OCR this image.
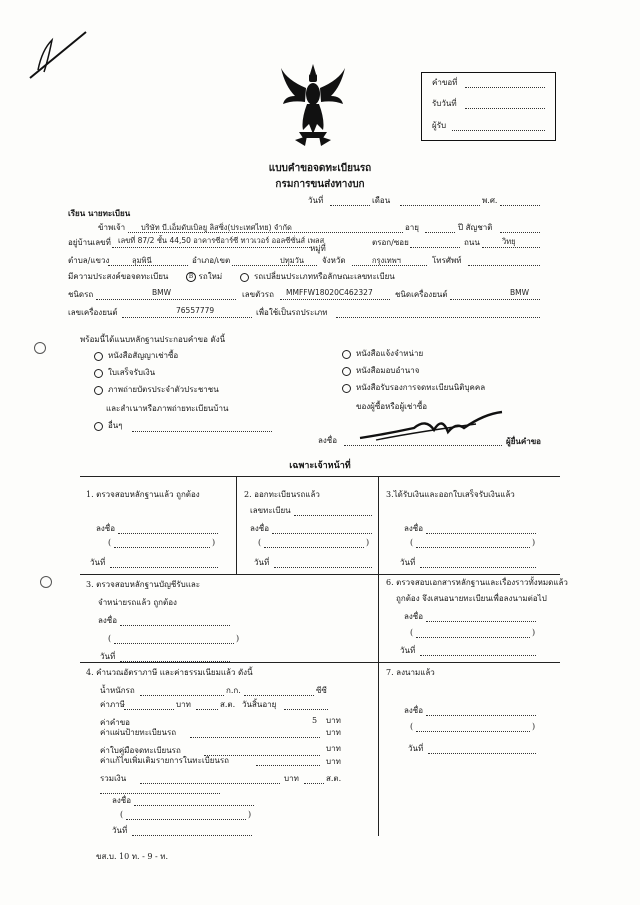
คำขอที่
รับวันที่
ผู้รับ
แบบคำขอจดทะเบียนรถ
กรมการขนส่งทางบก
วันที่	เดือน	พ.ศ.
เรียน นายทะเบียน
ข้าพเจ้า บริษัท บี.เอ็มดับเบิลยู ลิสซิ่ง(ประเทศไทย) จำกัด	อายุ	ปี สัญชาติ
อยู่บ้านเลขที่ เลขที่ 87/2 ชั้น 44,50 อาคารซีอาร์ซี ทาวเวอร์ ออลซีซั่นส์ เพลส
หมู่ที่
ตรอก/ซอย	ถนน	วิทยุ
ตำบล/แขวง	ลุมพินี	อำเภอ/เขต	ปทุมวัน จังหวัด	กรุงเทพฯ	โทรศัพท์
มีความประสงค์ขอจดทะเบียน	B รถใหม่	รถเปลี่ยนประเภทหรือลักษณะเลขทะเบียน
ชนิดรถ	BMW	เลขตัวรถ MMFFW18020C462327	ชนิดเครื่องยนต์	BMW
เลขเครื่องยนต์	76557779	เพื่อใช้เป็นรถประเภท
พร้อมนี้ได้แนบหลักฐานประกอบคำขอ ดังนี้
หนังสือสัญญาเช่าซื้อ
ใบเสร็จรับเงิน
ภาพถ่ายบัตรประจำตัวประชาชน
และสำเนาหรือภาพถ่ายทะเบียนบ้าน
อื่นๆ
หนังสือแจ้งจำหน่าย
หนังสือมอบอำนาจ
หนังสือรับรองการจดทะเบียนนิติบุคคล
ของผู้ซื้อหรือผู้เช่าซื้อ
ลงชื่อ	ผู้ยื่นคำขอ
เฉพาะเจ้าหน้าที่
1. ตรวจสอบหลักฐานแล้ว ถูกต้อง
ลงชื่อ
(	)
วันที่
2. ออกทะเบียนรถแล้ว
เลขทะเบียน
ลงชื่อ
(	)
วันที่
3.ได้รับเงินและออกใบเสร็จรับเงินแล้ว
ลงชื่อ
(	)
วันที่
3. ตรวจสอบหลักฐานบัญชีรับและ
จำหน่ายรถแล้ว ถูกต้อง
ลงชื่อ
(	)
วันที่
6. ตรวจสอบเอกสารหลักฐานและเรื่องราวทั้งหมดแล้ว
ถูกต้อง จึงเสนอนายทะเบียนเพื่อลงนามต่อไป
ลงชื่อ
(	)
วันที่
4. คำนวณอัตราภาษี และค่าธรรมเนียมแล้ว ดังนี้
น้ำหนักรถ	ก.ก.	ซีซี
ค่าภาษี	บาท	ส.ต. วันสิ้นอายุ
ค่าคำขอ	5 บาท
ค่าแผ่นป้ายทะเบียนรถ	บาท
ค่าใบคู่มือจดทะเบียนรถ	บาท
ค่าแก้ไขเพิ่มเติมรายการในทะเบียนรถ	บาท
รวมเงิน	บาท	ส.ต.
ลงชื่อ
(	)
วันที่
7. ลงนามแล้ว
ลงชื่อ
(	)
วันที่
ขส.บ. 10 ท. - 9 - ท.
